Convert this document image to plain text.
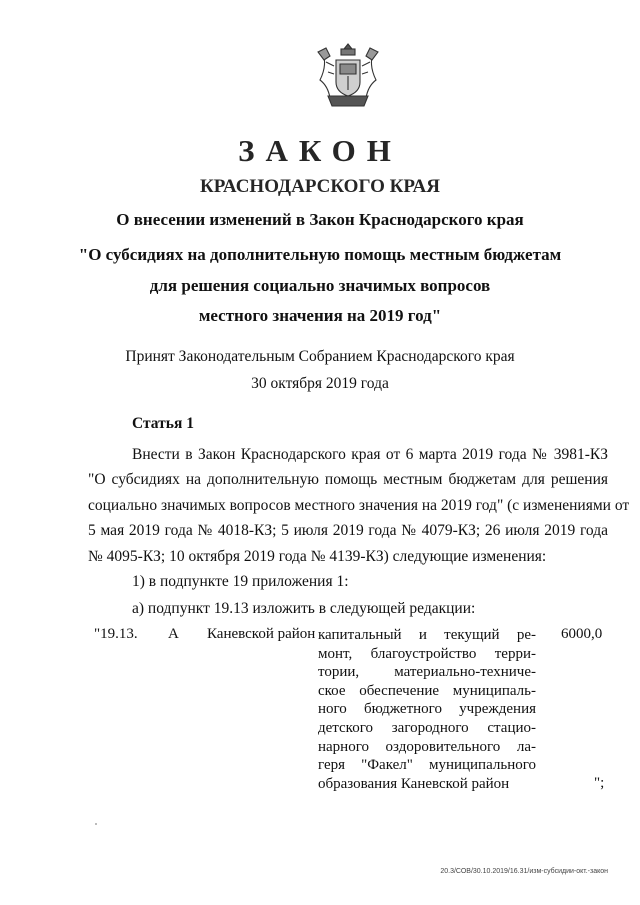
ЗАКОН
КРАСНОДАРСКОГО КРАЯ
О внесении изменений в Закон Краснодарского края
"О субсидиях на дополнительную помощь местным бюджетам
для решения социально значимых вопросов
местного значения на 2019 год"
Принят Законодательным Собранием Краснодарского края
30 октября 2019 года
Статья 1
Внести в Закон Краснодарского края от 6 марта 2019 года № 3981-КЗ
"О субсидиях на дополнительную помощь местным бюджетам для решения
социально значимых вопросов местного значения на 2019 год" (с изменениями от
5 мая 2019 года № 4018-КЗ; 5 июля 2019 года № 4079-КЗ; 26 июля 2019 года
№ 4095-КЗ; 10 октября 2019 года № 4139-КЗ) следующие изменения:
1) в подпункте 19 приложения 1:
а) подпункт 19.13 изложить в следующей редакции:
"19.13. А Каневской район капитальный и текущий ре-
монт, благоустройство терри-
тории, материально-техниче-
ское обеспечение муниципаль-
ного бюджетного учреждения
детского загородного стацио-
нарного оздоровительного ла-
геря "Факел" муниципального
образования Каневской район
6000,0
";
20.3/СОВ/30.10.2019/16.31/изм-субсидии-окт.-закон
